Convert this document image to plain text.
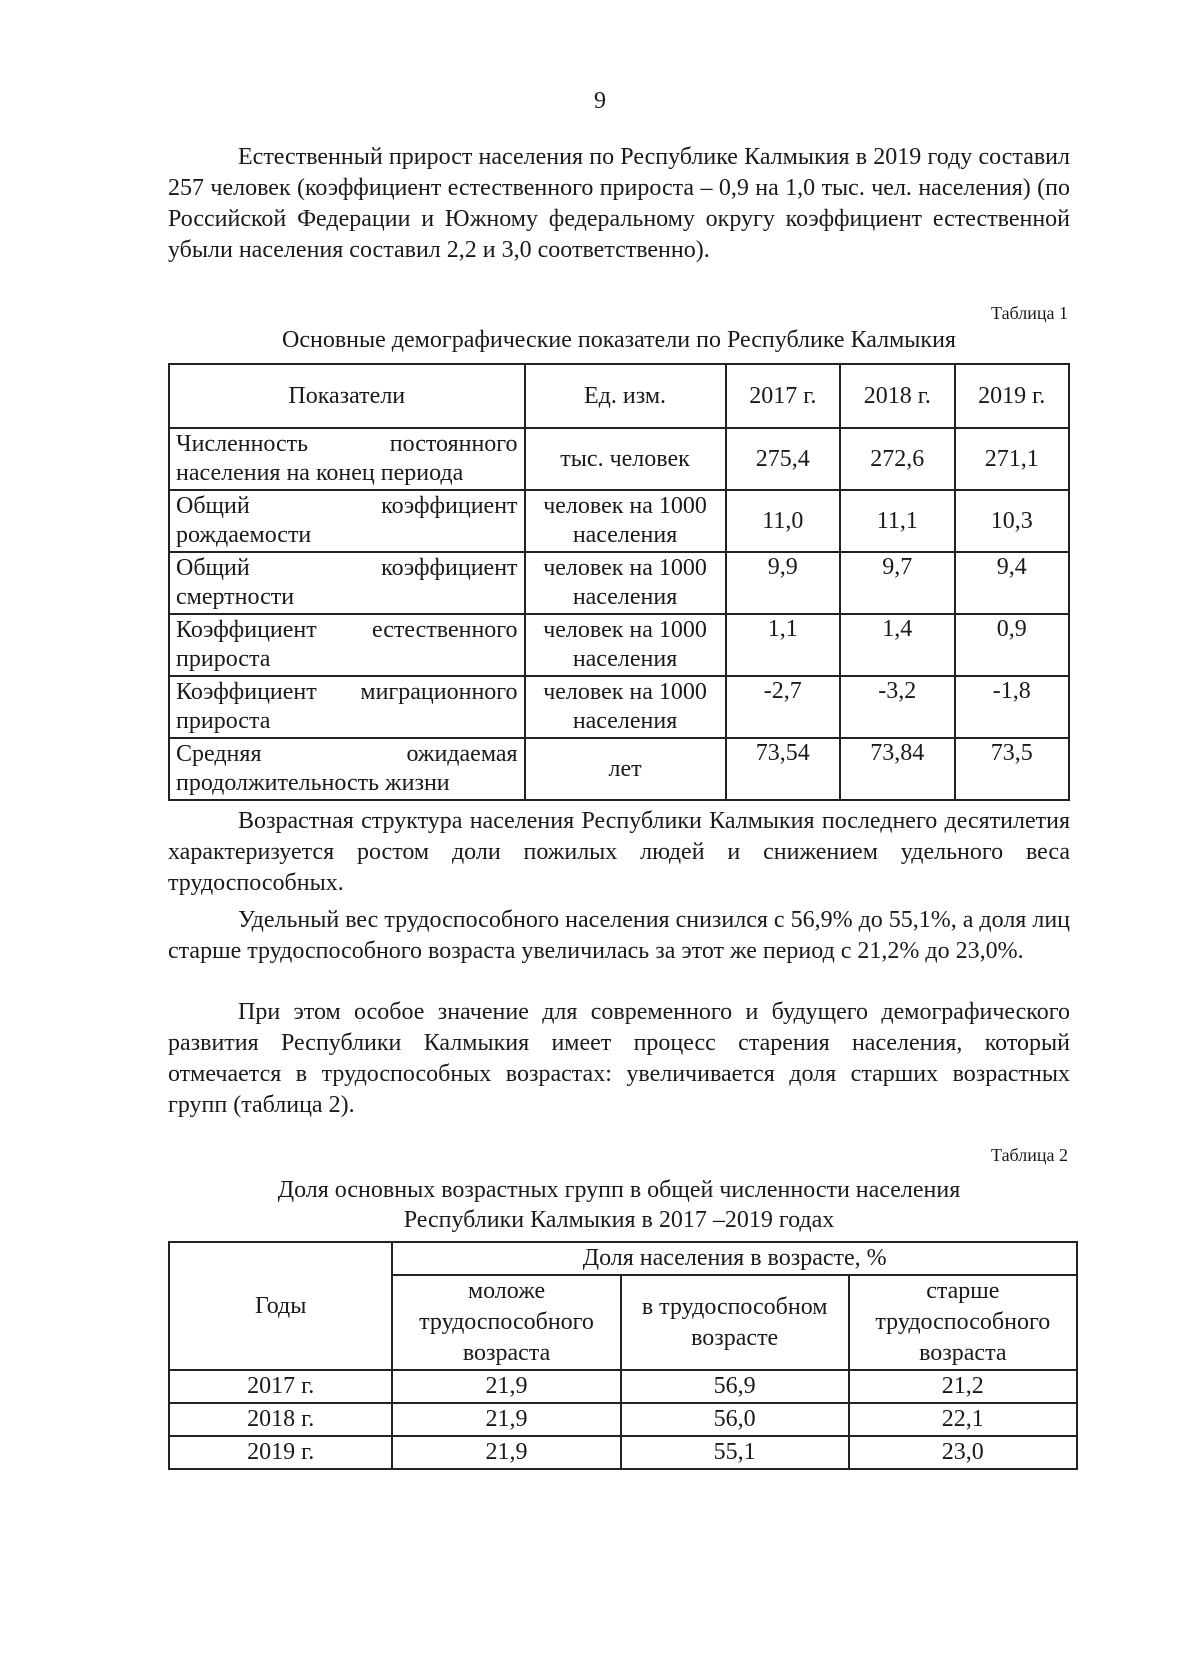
9
Естественный прирост населения по Республике Калмыкия в 2019 году составил 257 человек (коэффициент естественного прироста – 0,9 на 1,0 тыс. чел. населения) (по Российской Федерации и Южному федеральному округу коэффициент естественной убыли населения составил 2,2 и 3,0 соответственно).
Таблица 1
Основные демографические показатели по Республике Калмыкия
Показатели	Ед. изм.	2017 г.	2018 г.	2019 г.

Численность постоянного
населения на конец периода	тыс. человек	275,4	272,6	271,1

Общий коэффициент
рождаемости	человек на 1000 населения	11,0	11,1	10,3

Общий коэффициент
смертности	человек на 1000 населения	9,9	9,7	9,4

Коэффициент естественного
прироста	человек на 1000 населения	1,1	1,4	0,9

Коэффициент миграционного
прироста	человек на 1000 населения	-2,7	-3,2	-1,8

Средняя ожидаемая
продолжительность жизни	лет	73,54	73,84	73,5
Возрастная структура населения Республики Калмыкия последнего десятилетия характеризуется ростом доли пожилых людей и снижением удельного веса трудоспособных.
Удельный вес трудоспособного населения снизился с 56,9% до 55,1%, а доля лиц старше трудоспособного возраста увеличилась за этот же период с 21,2% до 23,0%.
При этом особое значение для современного и будущего демографического развития Республики Калмыкия имеет процесс старения населения, который отмечается в трудоспособных возрастах: увеличивается доля старших возрастных групп (таблица 2).
Таблица 2
Доля основных возрастных групп в общей численности населения
Республики Калмыкия в 2017 –2019 годах
Годы	Доля населения в возрасте, %		
	моложе трудоспособного возраста	в трудоспособном возрасте	старше трудоспособного возраста
2017 г.	21,9	56,9	21,2
2018 г.	21,9	56,0	22,1
2019 г.	21,9	55,1	23,0
